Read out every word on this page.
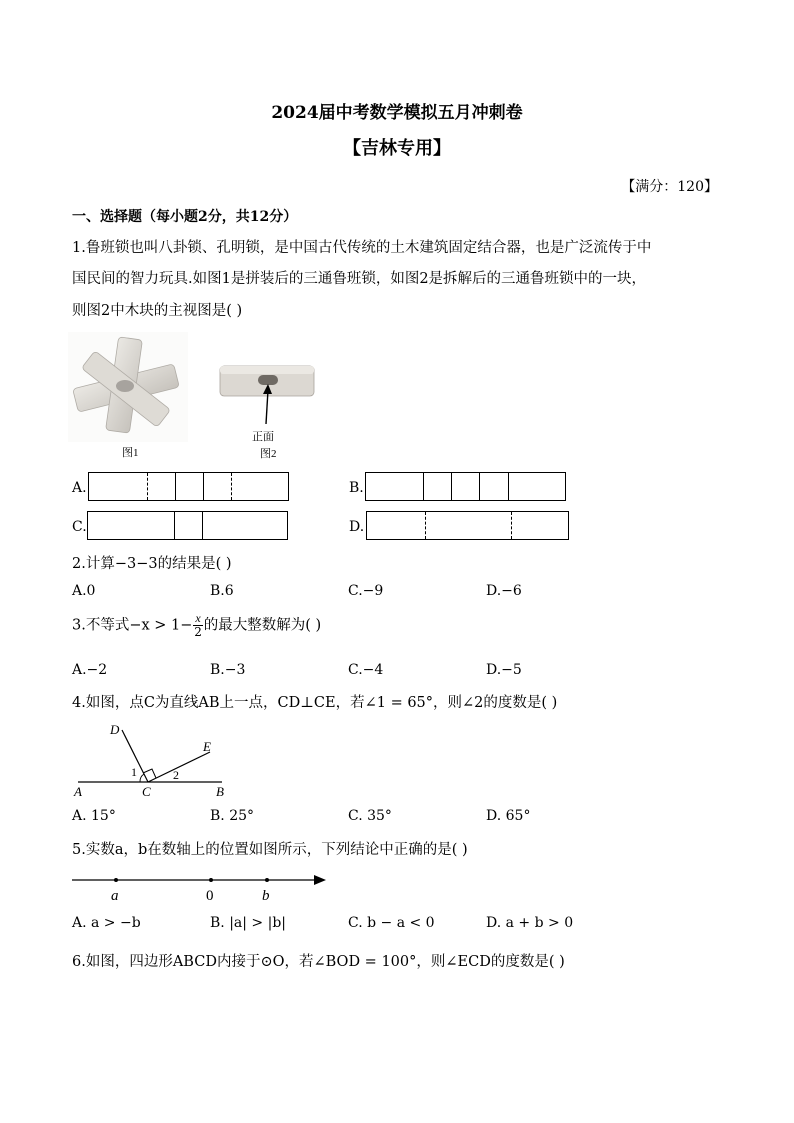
2024届中考数学模拟五月冲刺卷
【吉林专用】
【满分：120】
一、选择题（每小题2分，共12分）
1.鲁班锁也叫八卦锁、孔明锁，是中国古代传统的土木建筑固定结合器，也是广泛流传于中
国民间的智力玩具.如图1是拼装后的三通鲁班锁，如图2是拆解后的三通鲁班锁中的一块，
则图2中木块的主视图是( )
图1
正面
图2
A.	B.
C.	D.
2.计算−3−3的结果是( )
A.0	B.6	C.−9	D.−6
3.不等式$-x > 1- \frac{x}{2}$ 的最大整数解为( )
A.−2	B.−3	C.−4	D.−5
4.如图，点C为直线AB上一点，CD⊥CE，若∠1 = 65°，则∠2的度数是( )
D
E
A	C	B
1	2
A. 15°	B. 25°	C. 35°	D. 65°
5.实数a，b在数轴上的位置如图所示，下列结论中正确的是( )
a	0	b
A. a > −b	B. |a| > |b|	C. b − a < 0	D. a + b > 0
6.如图，四边形ABCD内接于⊙O，若∠BOD = 100°，则∠ECD的度数是( )
